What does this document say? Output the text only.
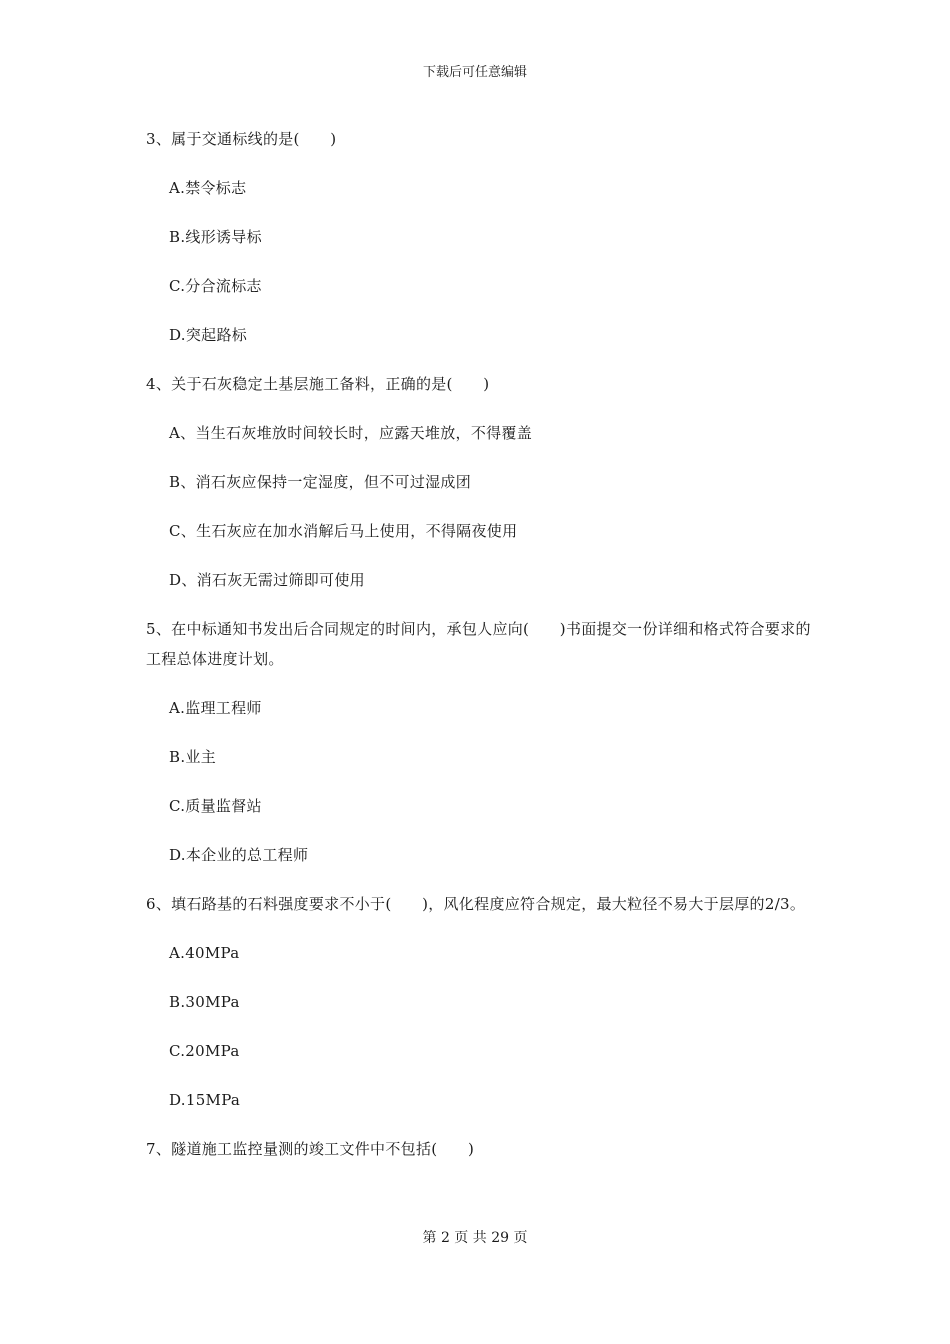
下载后可任意编辑
3、属于交通标线的是(　　)
A.禁令标志
B.线形诱导标
C.分合流标志
D.突起路标
4、关于石灰稳定土基层施工备料，正确的是(　　)
A、当生石灰堆放时间较长时，应露天堆放，不得覆盖
B、消石灰应保持一定湿度，但不可过湿成团
C、生石灰应在加水消解后马上使用，不得隔夜使用
D、消石灰无需过筛即可使用
5、在中标通知书发出后合同规定的时间内，承包人应向(　　)书面提交一份详细和格式符合要求的工程总体进度计划。
A.监理工程师
B.业主
C.质量监督站
D.本企业的总工程师
6、填石路基的石料强度要求不小于(　　)，风化程度应符合规定，最大粒径不易大于层厚的2/3。
A.40MPa
B.30MPa
C.20MPa
D.15MPa
7、隧道施工监控量测的竣工文件中不包括(　　)
第 2 页 共 29 页
